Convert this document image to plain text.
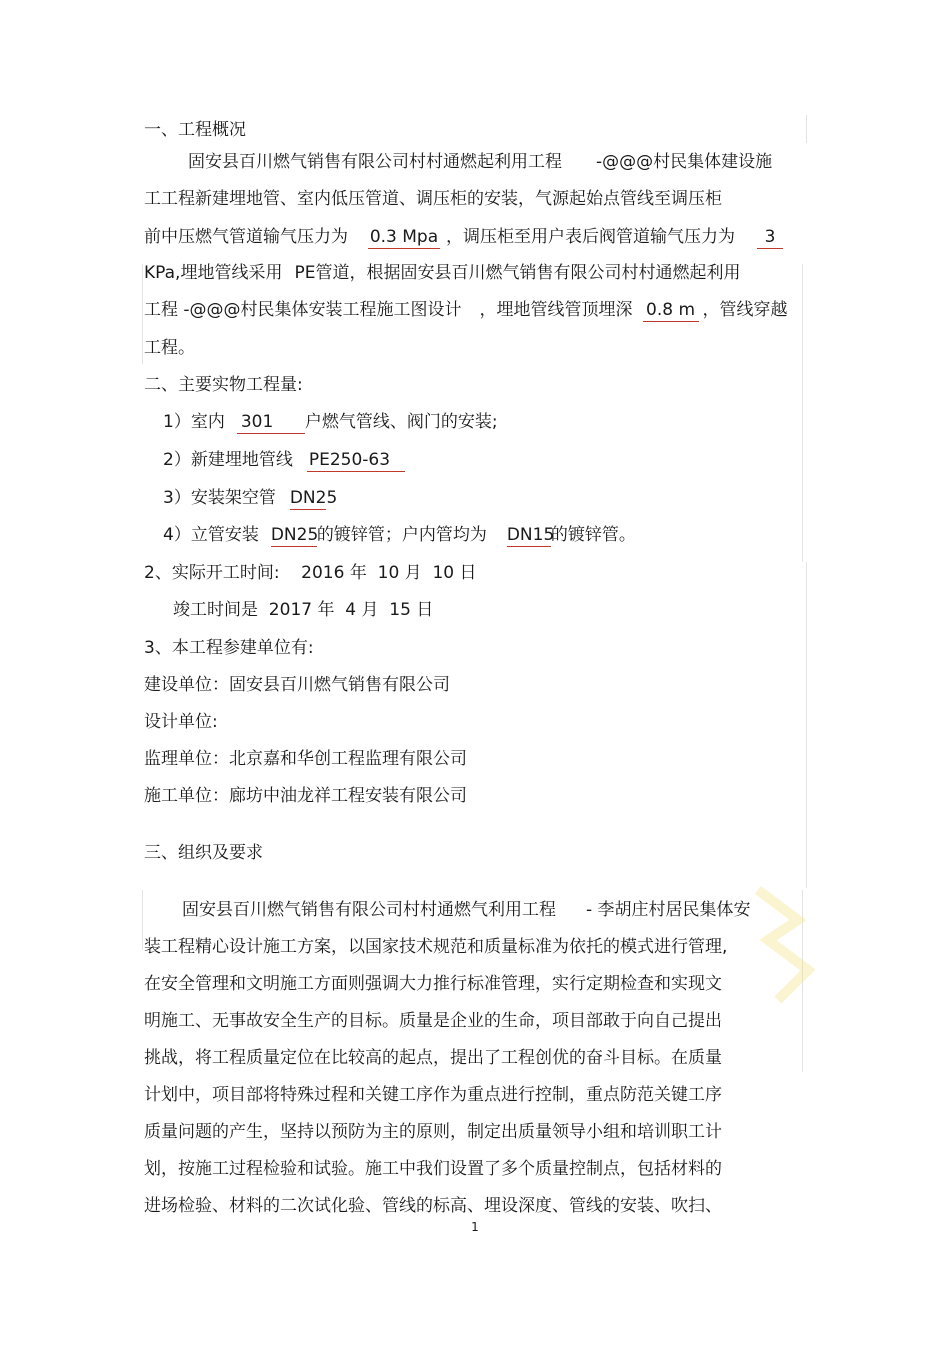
一、工程概况
固安县百川燃气销售有限公司村村通燃起利用工程 -@@@村民集体建设施
工工程新建埋地管、室内低压管道、调压柜的安装，气源起始点管线至调压柜
前中压燃气管道输气压力为 0.3 Mpa ，调压柜至用户表后阀管道输气压力为 3
KPa,埋地管线采用 PE管道，根据固安县百川燃气销售有限公司村村通燃起利用
工程 -@@@村民集体安装工程施工图设计 ，埋地管线管顶埋深 0.8 m ，管线穿越
工程。
二、主要实物工程量:
1）室内 301 户燃气管线、阀门的安装;
2）新建埋地管线 PE250-63
3）安装架空管 DN25
4）立管安装 DN25的镀锌管；户内管均为 DN15的镀锌管。
2、实际开工时间:    2016 年  10 月  10 日
竣工时间是  2017 年  4 月  15 日
3、本工程参建单位有:
建设单位：固安县百川燃气销售有限公司
设计单位:
监理单位：北京嘉和华创工程监理有限公司
施工单位：廊坊中油龙祥工程安装有限公司
三、组织及要求
固安县百川燃气销售有限公司村村通燃气利用工程 - 李胡庄村居民集体安
装工程精心设计施工方案，以国家技术规范和质量标准为依托的模式进行管理,
在安全管理和文明施工方面则强调大力推行标准管理，实行定期检查和实现文
明施工、无事故安全生产的目标。质量是企业的生命，项目部敢于向自己提出
挑战，将工程质量定位在比较高的起点，提出了工程创优的奋斗目标。在质量
计划中，项目部将特殊过程和关键工序作为重点进行控制，重点防范关键工序
质量问题的产生，坚持以预防为主的原则，制定出质量领导小组和培训职工计
划，按施工过程检验和试验。施工中我们设置了多个质量控制点，包括材料的
进场检验、材料的二次试化验、管线的标高、埋设深度、管线的安装、吹扫、
1
